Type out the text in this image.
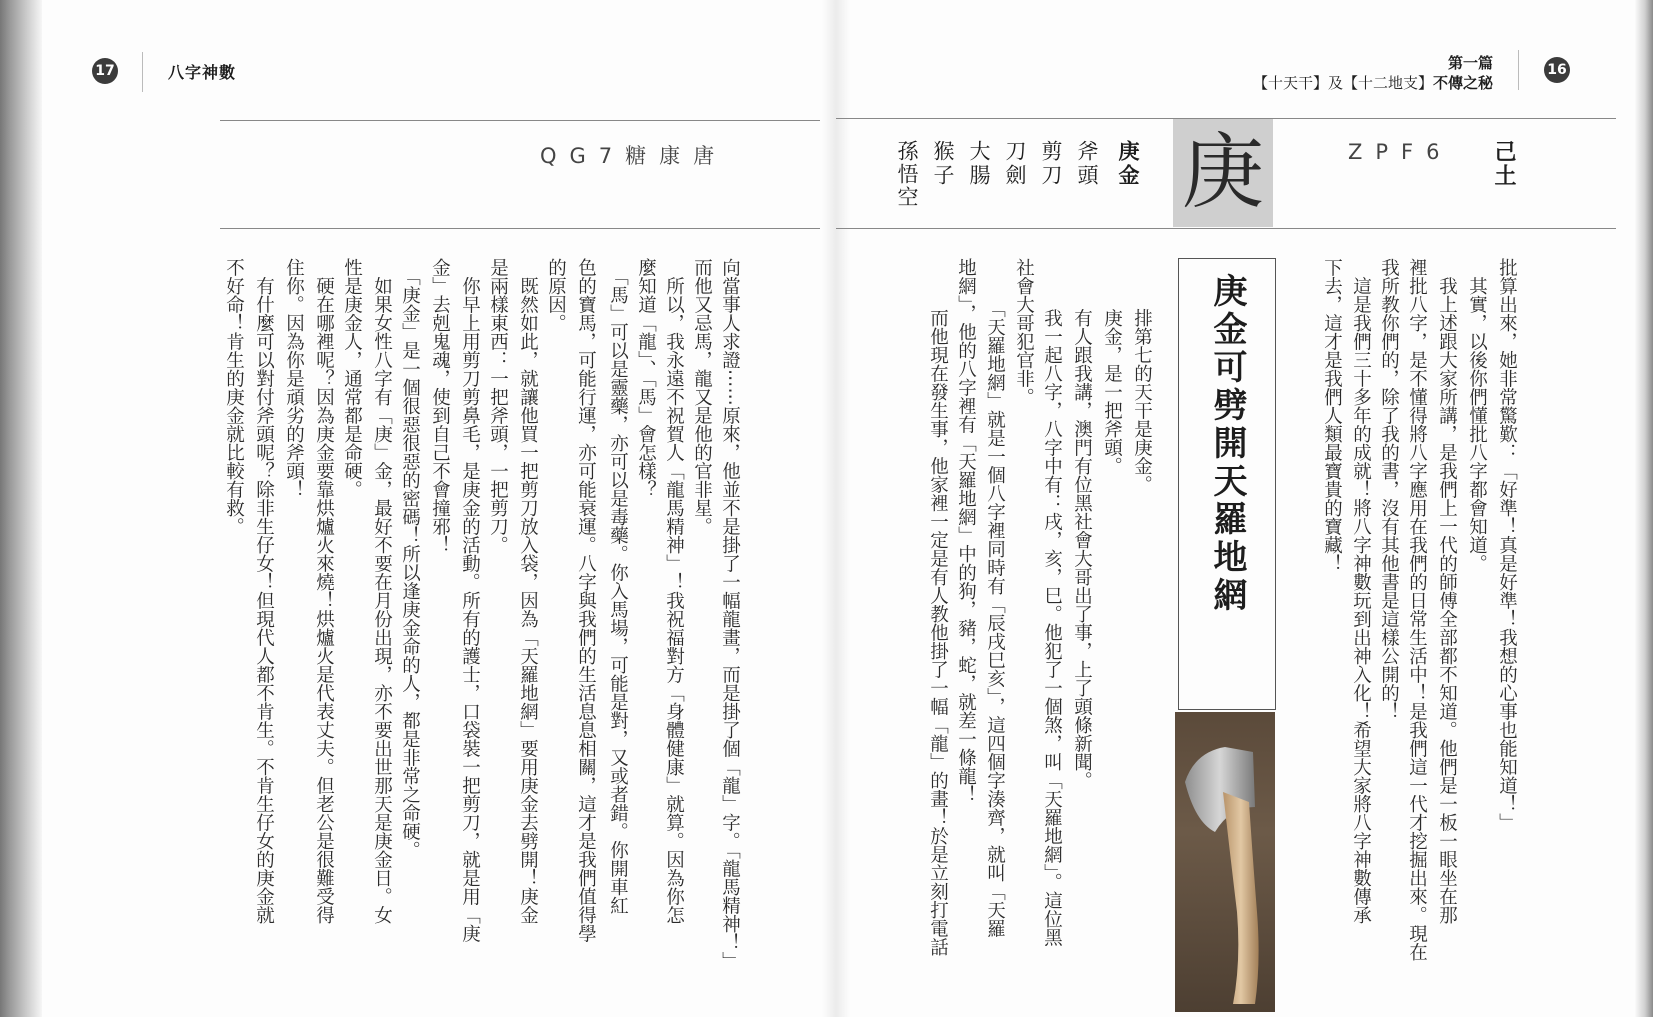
17	八字神數	第一篇
【十天干】及【十二地支】不傳之秘
16
QG7糖康唐	己土
ZPF6
庚
庚金
斧頭
剪刀
刀劍
大腸
猴子
孫悟空
庚金可劈開天羅地網
向當事人求證⋯⋯原來，他並不是掛了一幅龍畫，而是掛了個「龍」字。「龍馬精神！」
而他又忌馬，龍又是他的官非星。
　所以，我永遠不祝賀人「龍馬精神」！我祝福對方「身體健康」就算。因為你怎
麼知道「龍」、「馬」會怎樣？
　「馬」可以是靈藥，亦可以是毒藥。你入馬場，可能是對，又或者錯。你開車紅
色的寶馬，可能行運，亦可能衰運。八字與我們的生活息息相關，這才是我們值得學
的原因。
　既然如此，就讓他買一把剪刀放入袋，因為「天羅地網」要用庚金去劈開！庚金
是兩樣東西：一把斧頭，一把剪刀。
　你早上用剪刀剪鼻毛，是庚金的活動。所有的護士，口袋裝一把剪刀，就是用「庚
金」去剋鬼魂，使到自己不會撞邪！
　「庚金」是一個很惡很惡的密碼！所以逢庚金命的人，都是非常之命硬。
　如果女性八字有「庚」金，最好不要在月份出現，亦不要出世那天是庚金日。女
性是庚金人，通常都是命硬。
　硬在哪裡呢？因為庚金要靠烘爐火來燒！烘爐火是代表丈夫。但老公是很難受得
住你。因為你是頑劣的斧頭！
　有什麼可以對付斧頭呢？除非生仔女！但現代人都不肯生。不肯生仔女的庚金就
不好命！肯生的庚金就比較有救。	批算出來，她非常驚歎：「好準！真是好準！我想的心事也能知道！」
　其實，以後你們懂批八字都會知道。
　我上述跟大家所講，是我們上一代的師傅全部都不知道。他們是一板一眼坐在那
裡批八字，是不懂得將八字應用在我們的日常生活中！是我們這一代才挖掘出來。現在
我所教你們的，除了我的書，沒有其他書是這樣公開的！
　這是我們三十多年的成就！將八字神數玩到出神入化！希望大家將八字神數傳承
下去，這才是我們人類最寶貴的寶藏！
　排第七的天干是庚金。
　庚金，是一把斧頭。
　有人跟我講，澳門有位黑社會大哥出了事，上了頭條新聞。
　我一起八字，八字中有：戌，亥，巳。他犯了一個煞，叫「天羅地網」。這位黑
社會大哥犯官非。
　「天羅地網」就是一個八字裡同時有「辰戌巳亥」，這四個字湊齊，就叫「天羅
地網」，他的八字裡有「天羅地網」中的狗，豬，蛇，就差一條龍！
　而他現在發生事，他家裡一定是有人教他掛了一幅「龍」的畫！於是立刻打電話
